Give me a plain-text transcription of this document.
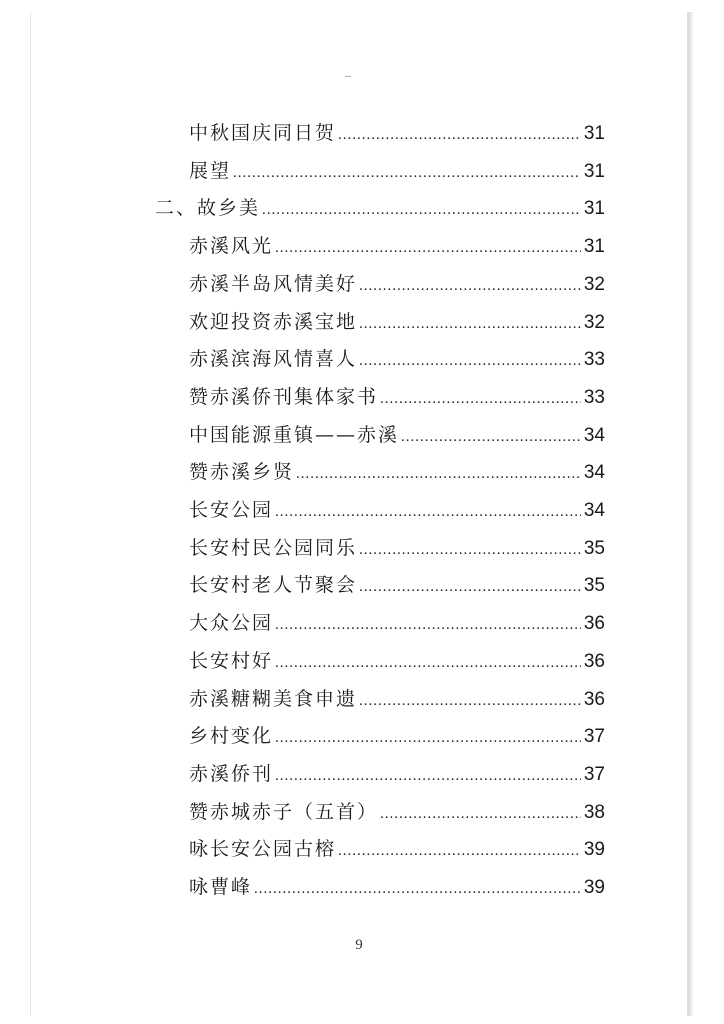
中秋国庆同日贺 .....	31
展望 .....	31
二、故乡美 .....	31
赤溪风光 .....	31
赤溪半岛风情美好 .....	32
欢迎投资赤溪宝地 .....	32
赤溪滨海风情喜人 .....	33
赞赤溪侨刊集体家书 .....	33
中国能源重镇——赤溪 .....	34
赞赤溪乡贤 .....	34
长安公园 .....	34
长安村民公园同乐 .....	35
长安村老人节聚会 .....	35
大众公园 .....	36
长安村好 .....	36
赤溪糖糊美食申遗 .....	36
乡村变化 .....	37
赤溪侨刊 .....	37
赞赤城赤子（五首） .....	38
咏长安公园古榕 .....	39
咏曹峰 .....	39
9
